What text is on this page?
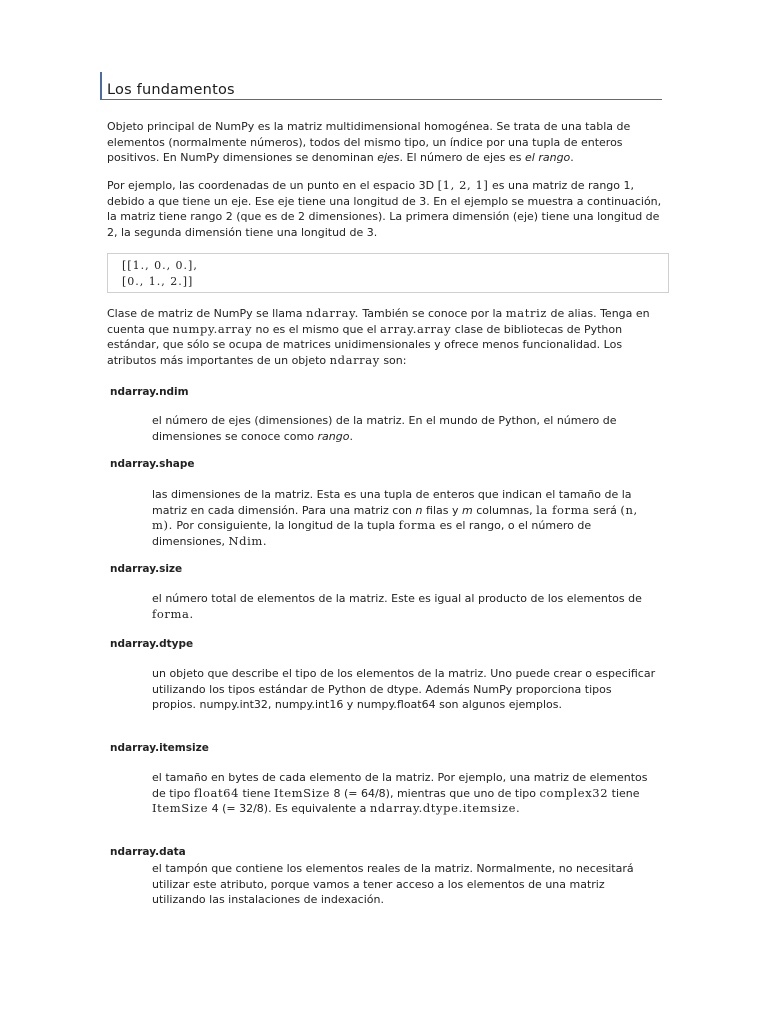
Los fundamentos
Objeto principal de NumPy es la matriz multidimensional homogénea. Se trata de una tabla de elementos (normalmente números), todos del mismo tipo, un índice por una tupla de enteros positivos. En NumPy dimensiones se denominan ejes. El número de ejes es el rango.
Por ejemplo, las coordenadas de un punto en el espacio 3D [1, 2, 1] es una matriz de rango 1, debido a que tiene un eje. Ese eje tiene una longitud de 3. En el ejemplo se muestra a continuación, la matriz tiene rango 2 (que es de 2 dimensiones). La primera dimensión (eje) tiene una longitud de 2, la segunda dimensión tiene una longitud de 3.
[[1., 0., 0.],
[0., 1., 2.]]
Clase de matriz de NumPy se llama ndarray. También se conoce por la matriz de alias. Tenga en cuenta que numpy.array no es el mismo que el array.array clase de bibliotecas de Python estándar, que sólo se ocupa de matrices unidimensionales y ofrece menos funcionalidad. Los atributos más importantes de un objeto ndarray son:
ndarray.ndim
el número de ejes (dimensiones) de la matriz. En el mundo de Python, el número de dimensiones se conoce como rango.
ndarray.shape
las dimensiones de la matriz. Esta es una tupla de enteros que indican el tamaño de la matriz en cada dimensión. Para una matriz con n filas y m columnas, la forma será (n, m). Por consiguiente, la longitud de la tupla forma es el rango, o el número de dimensiones, Ndim.
ndarray.size
el número total de elementos de la matriz. Este es igual al producto de los elementos de forma.
ndarray.dtype
un objeto que describe el tipo de los elementos de la matriz. Uno puede crear o especificar utilizando los tipos estándar de Python de dtype. Además NumPy proporciona tipos propios. numpy.int32, numpy.int16 y numpy.float64 son algunos ejemplos.
ndarray.itemsize
el tamaño en bytes de cada elemento de la matriz. Por ejemplo, una matriz de elementos de tipo float64 tiene ItemSize 8 (= 64/8), mientras que uno de tipo complex32 tiene ItemSize 4 (= 32/8). Es equivalente a ndarray.dtype.itemsize.
ndarray.data
el tampón que contiene los elementos reales de la matriz. Normalmente, no necesitará utilizar este atributo, porque vamos a tener acceso a los elementos de una matriz utilizando las instalaciones de indexación.
